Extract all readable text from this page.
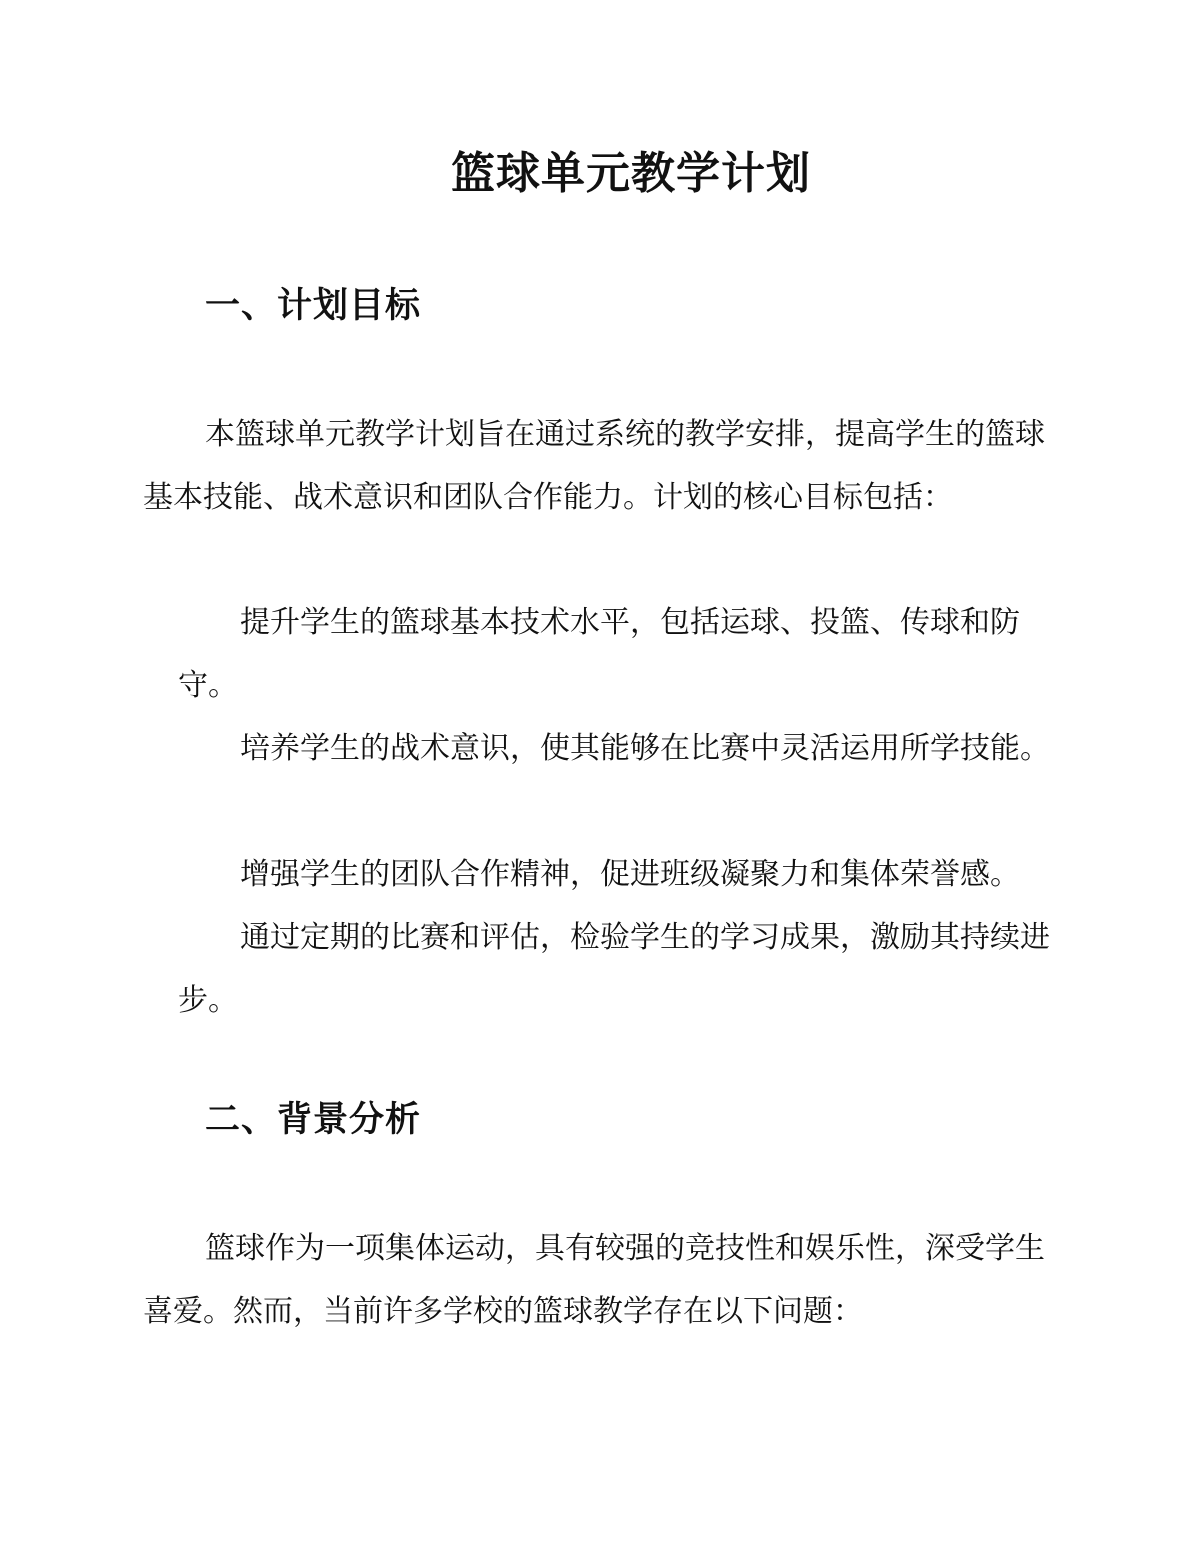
篮球单元教学计划
一、计划目标

本篮球单元教学计划旨在通过系统的教学安排，提高学生的篮球基本技能、战术意识和团队合作能力。计划的核心目标包括：

提升学生的篮球基本技术水平，包括运球、投篮、传球和防守。

培养学生的战术意识，使其能够在比赛中灵活运用所学技能。

增强学生的团队合作精神，促进班级凝聚力和集体荣誉感。

通过定期的比赛和评估，检验学生的学习成果，激励其持续进步。

二、背景分析

篮球作为一项集体运动，具有较强的竞技性和娱乐性，深受学生喜爱。然而，当前许多学校的篮球教学存在以下问题：
